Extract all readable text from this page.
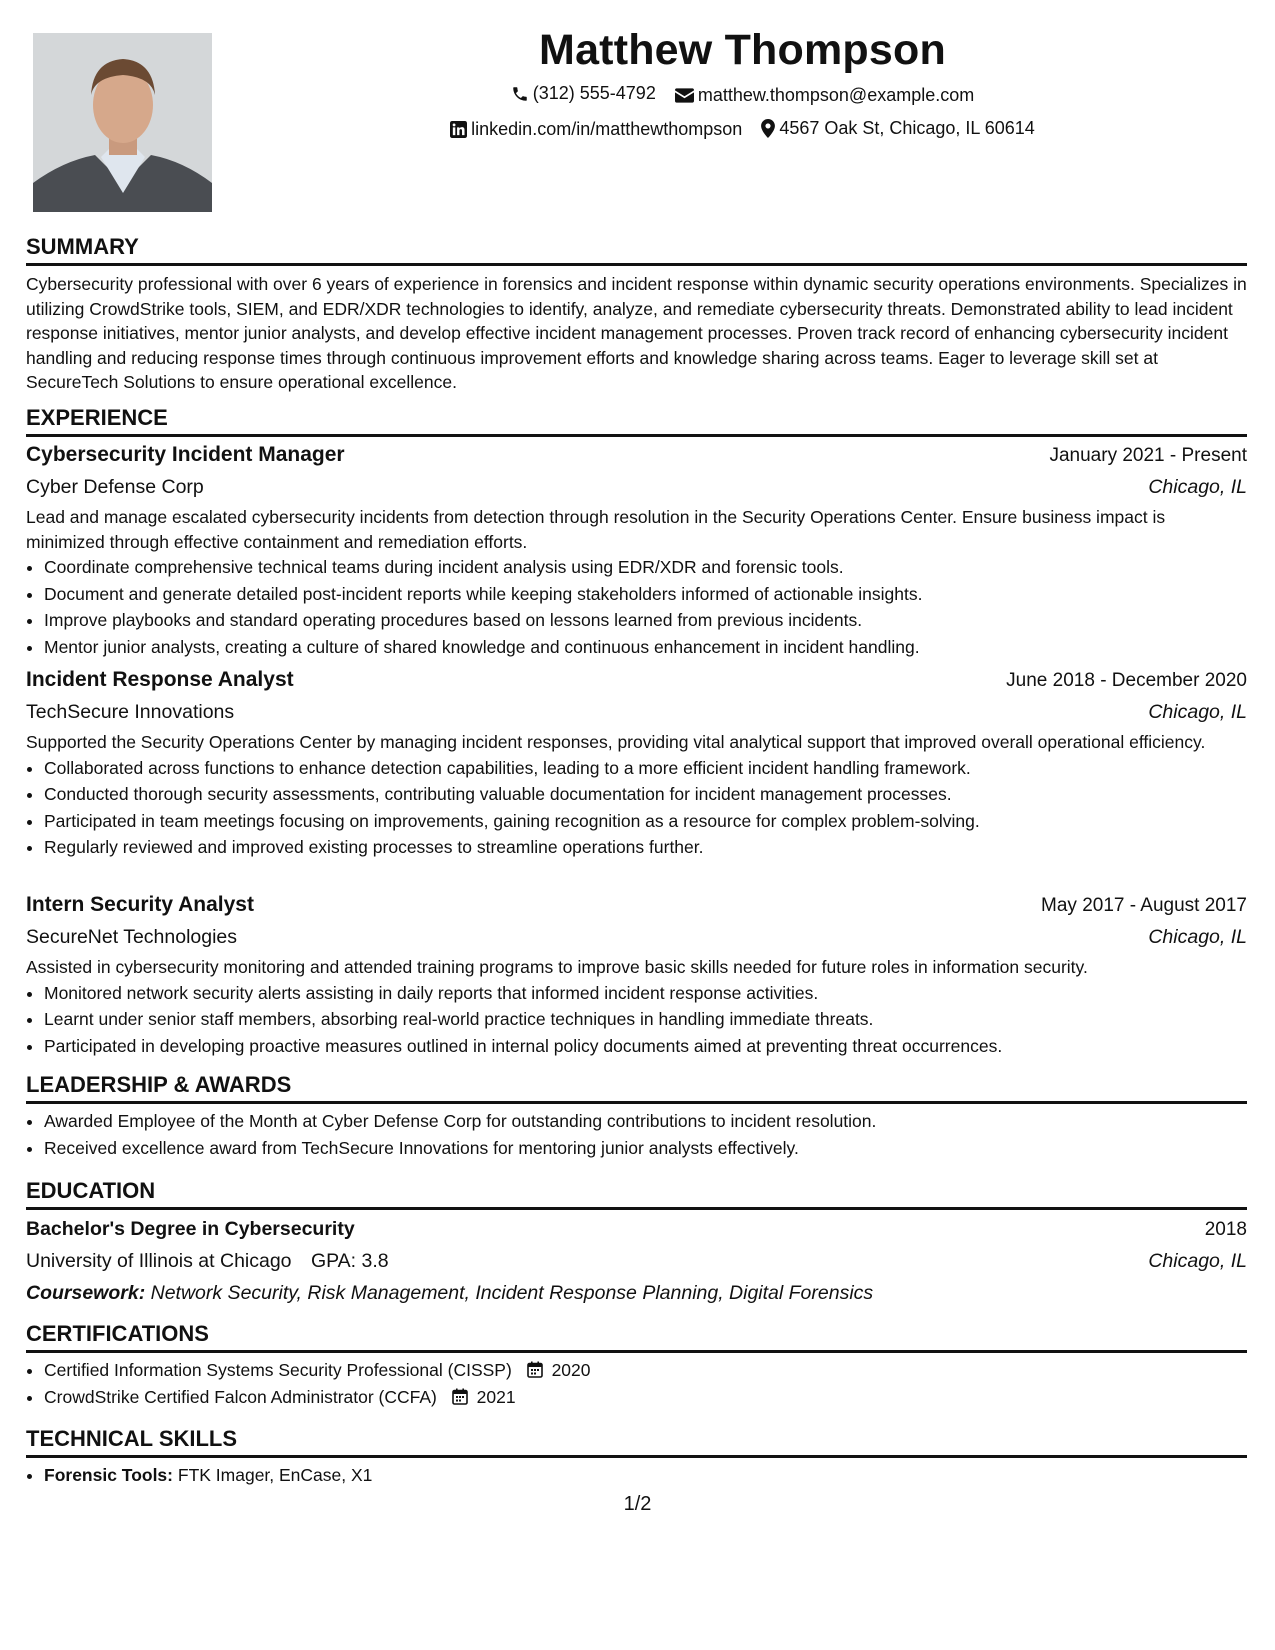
Matthew Thompson
(312) 555-4792
matthew.thompson@example.com
linkedin.com/in/matthewthompson
4567 Oak St, Chicago, IL 60614
SUMMARY

Cybersecurity professional with over 6 years of experience in forensics and incident response within dynamic security operations environments. Specializes in utilizing CrowdStrike tools, SIEM, and EDR/XDR technologies to identify, analyze, and remediate cybersecurity threats. Demonstrated ability to lead incident response initiatives, mentor junior analysts, and develop effective incident management processes. Proven track record of enhancing cybersecurity incident handling and reducing response times through continuous improvement efforts and knowledge sharing across teams. Eager to leverage skill set at SecureTech Solutions to ensure operational excellence.

EXPERIENCE
Cybersecurity Incident Manager	January 2021 - Present
Cyber Defense Corp	Chicago, IL

Lead and manage escalated cybersecurity incidents from detection through resolution in the Security Operations Center. Ensure business impact is minimized through effective containment and remediation efforts.

• Coordinate comprehensive technical teams during incident analysis using EDR/XDR and forensic tools.
• Document and generate detailed post-incident reports while keeping stakeholders informed of actionable insights.
• Improve playbooks and standard operating procedures based on lessons learned from previous incidents.
• Mentor junior analysts, creating a culture of shared knowledge and continuous enhancement in incident handling.
Incident Response Analyst	June 2018 - December 2020
TechSecure Innovations	Chicago, IL

Supported the Security Operations Center by managing incident responses, providing vital analytical support that improved overall operational efficiency.

• Collaborated across functions to enhance detection capabilities, leading to a more efficient incident handling framework.
• Conducted thorough security assessments, contributing valuable documentation for incident management processes.
• Participated in team meetings focusing on improvements, gaining recognition as a resource for complex problem-solving.
• Regularly reviewed and improved existing processes to streamline operations further.
Intern Security Analyst	May 2017 - August 2017
SecureNet Technologies	Chicago, IL

Assisted in cybersecurity monitoring and attended training programs to improve basic skills needed for future roles in information security.

• Monitored network security alerts assisting in daily reports that informed incident response activities.
• Learnt under senior staff members, absorbing real-world practice techniques in handling immediate threats.
• Participated in developing proactive measures outlined in internal policy documents aimed at preventing threat occurrences.
LEADERSHIP & AWARDS
• Awarded Employee of the Month at Cyber Defense Corp for outstanding contributions to incident resolution.
• Received excellence award from TechSecure Innovations for mentoring junior analysts effectively.
EDUCATION
Bachelor's Degree in Cybersecurity	2018
University of Illinois at Chicago GPA: 3.8	Chicago, IL
Coursework: Network Security, Risk Management, Incident Response Planning, Digital Forensics
CERTIFICATIONS
• Certified Information Systems Security Professional (CISSP) 2020
• CrowdStrike Certified Falcon Administrator (CCFA) 2021
TECHNICAL SKILLS
• Forensic Tools: FTK Imager, EnCase, X1
1/2
